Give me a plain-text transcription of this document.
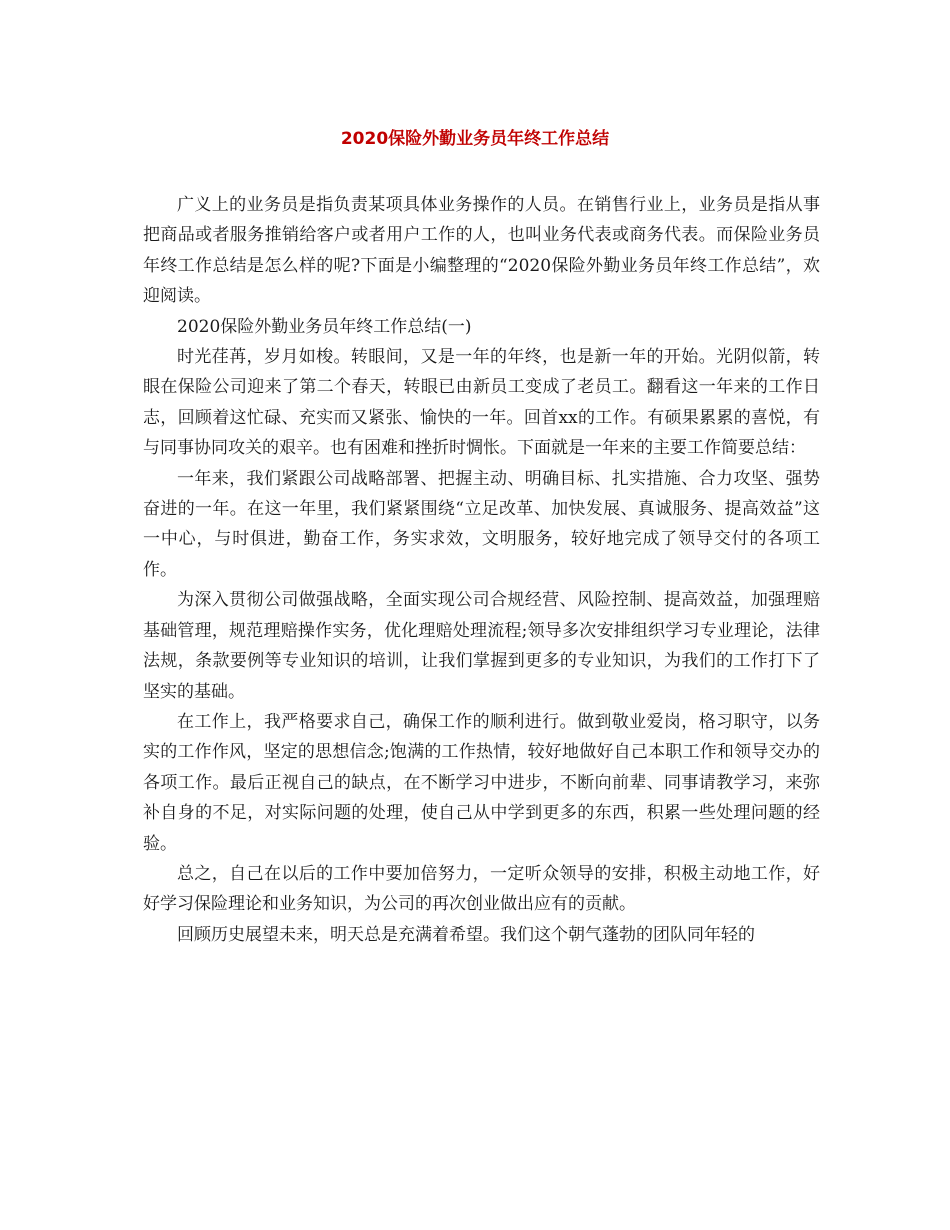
2020保险外勤业务员年终工作总结

广义上的业务员是指负责某项具体业务操作的人员。在销售行业上，业务员是指从事把商品或者服务推销给客户或者用户工作的人，也叫业务代表或商务代表。而保险业务员年终工作总结是怎么样的呢?下面是小编整理的“2020保险外勤业务员年终工作总结”，欢迎阅读。

2020保险外勤业务员年终工作总结(一)

时光荏苒，岁月如梭。转眼间，又是一年的年终，也是新一年的开始。光阴似箭，转眼在保险公司迎来了第二个春天，转眼已由新员工变成了老员工。翻看这一年来的工作日志，回顾着这忙碌、充实而又紧张、愉快的一年。回首xx的工作。有硕果累累的喜悦，有与同事协同攻关的艰辛。也有困难和挫折时惆怅。下面就是一年来的主要工作简要总结：

一年来，我们紧跟公司战略部署、把握主动、明确目标、扎实措施、合力攻坚、强势奋进的一年。在这一年里，我们紧紧围绕“立足改革、加快发展、真诚服务、提高效益”这一中心，与时俱进，勤奋工作，务实求效，文明服务，较好地完成了领导交付的各项工作。

为深入贯彻公司做强战略，全面实现公司合规经营、风险控制、提高效益，加强理赔基础管理，规范理赔操作实务，优化理赔处理流程;领导多次安排组织学习专业理论，法律法规，条款要例等专业知识的培训，让我们掌握到更多的专业知识，为我们的工作打下了坚实的基础。

在工作上，我严格要求自己，确保工作的顺利进行。做到敬业爱岗，格习职守，以务实的工作作风，坚定的思想信念;饱满的工作热情，较好地做好自己本职工作和领导交办的各项工作。最后正视自己的缺点，在不断学习中进步，不断向前辈、同事请教学习，来弥补自身的不足，对实际问题的处理，使自己从中学到更多的东西，积累一些处理问题的经验。

总之，自己在以后的工作中要加倍努力，一定听众领导的安排，积极主动地工作，好好学习保险理论和业务知识，为公司的再次创业做出应有的贡献。

回顾历史展望未来，明天总是充满着希望。我们这个朝气蓬勃的团队同年轻的
